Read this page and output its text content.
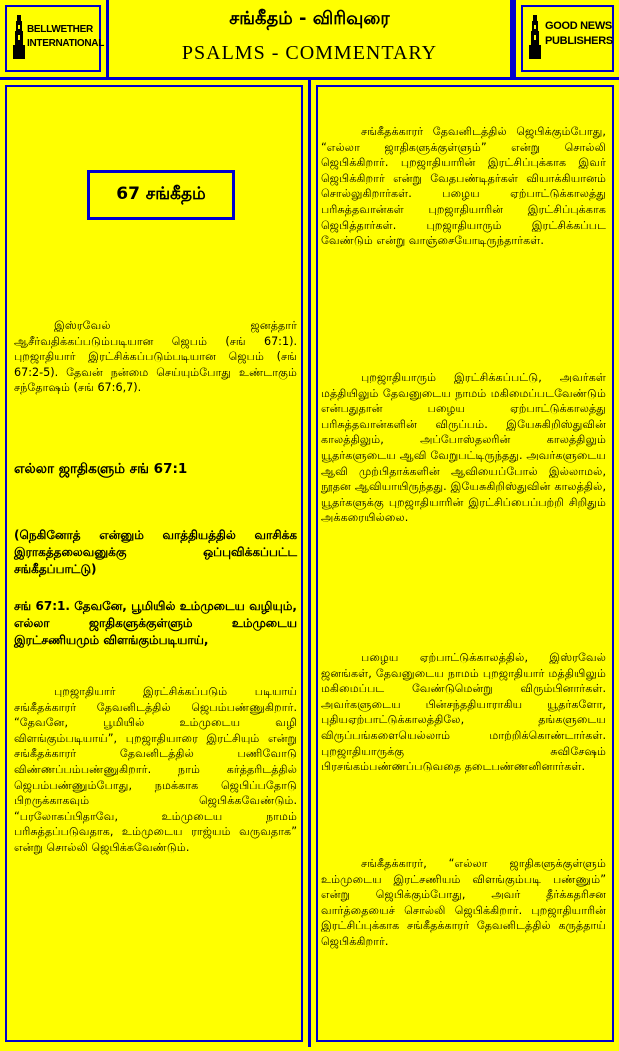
BELLWETHER INTERNATIONAL
சங்கீதம் - விரிவுரை
PSALMS - COMMENTARY
GOOD NEWS PUBLISHERS
67 சங்கீதம்

இஸ்ரவேல் ஜனத்தார் ஆசீர்வதிக்கப்படும்படியான ஜெபம் (சங் 67:1). புறஜாதியார் இரட்சிக்கப்படும்படியான ஜெபம் (சங் 67:2-5). தேவன் நன்மை செய்யும்போது உண்டாகும் சந்தோஷம் (சங் 67:6,7).

எல்லா ஜாதிகளும் சங் 67:1

(நெகினோத் என்னும் வாத்தியத்தில் வாசிக்க இராகத்தலைவனுக்கு ஒப்புவிக்கப்பட்ட சங்கீதப்பாட்டு)

சங் 67:1. தேவனே, பூமியில் உம்முடைய வழியும், எல்லா ஜாதிகளுக்குள்ளும் உம்முடைய இரட்சணியமும் விளங்கும்படியாய்,

புறஜாதியார் இரட்சிக்கப்படும் படியாய் சங்கீதக்காரர் தேவனிடத்தில் ஜெபம்பண்ணுகிறார். “தேவனே, பூமியில் உம்முடைய வழி விளங்கும்படியாய்”, புறஜாதியாரை இரட்சியும் என்று சங்கீதக்காரர் தேவனிடத்தில் பணிவோடு விண்ணப்பம்பண்ணுகிறார். நாம் கர்த்தரிடத்தில் ஜெபம்பண்ணும்போது, நமக்காக ஜெபிப்பதோடு பிறருக்காகவும் ஜெபிக்கவேண்டும். “பரலோகப்பிதாவே, உம்முடைய நாமம் பரிசுத்தப்படுவதாக, உம்முடைய ராஜ்யம் வருவதாக” என்று சொல்லி ஜெபிக்கவேண்டும்.

சங்கீதக்காரர் தேவனிடத்தில் ஜெபிக்கும்போது, “எல்லா ஜாதிகளுக்குள்ளும்” என்று சொல்லி ஜெபிக்கிறார். புறஜாதியாரின் இரட்சிப்புக்காக இவர் ஜெபிக்கிறார் என்று வேதபண்டிதர்கள் வியாக்கியானம் சொல்லுகிறார்கள். பழைய ஏற்பாட்டுக்காலத்து பரிசுத்தவான்கள் புறஜாதியாரின் இரட்சிப்புக்காக ஜெபித்தார்கள். புறஜாதியாரும் இரட்சிக்கப்பட வேண்டும் என்று வாஞ்சையோடிருந்தார்கள்.

புறஜாதியாரும் இரட்சிக்கப்பட்டு, அவர்கள் மத்தியிலும் தேவனுடைய நாமம் மகிமைப்படவேண்டும் என்பதுதான் பழைய ஏற்பாட்டுக்காலத்து பரிசுத்தவான்களின் விருப்பம். இயேசுகிறிஸ்துவின் காலத்திலும், அப்போஸ்தலரின் காலத்திலும் யூதர்களுடைய ஆவி வேறுபட்டிருந்தது. அவர்களுடைய ஆவி முற்பிதாக்களின் ஆவியைப்போல் இல்லாமல், நூதன ஆவியாயிருந்தது. இயேசுகிறிஸ்துவின் காலத்தில், யூதர்களுக்கு புறஜாதியாரின் இரட்சிப்பைப்பற்றி சிறிதும் அக்கரையில்லை.

பழைய ஏற்பாட்டுக்காலத்தில், இஸ்ரவேல் ஜனங்கள், தேவனுடைய நாமம் புறஜாதியார் மத்தியிலும் மகிமைப்பட வேண்டுமென்று விரும்பினார்கள். அவர்களுடைய பின்சந்ததியாராகிய யூதர்களோ, புதியஏற்பாட்டுக்காலத்திலே, தங்களுடைய விருப்பங்களையெல்லாம் மாற்றிக்கொண்டார்கள். புறஜாதியாருக்கு சுவிசேஷம் பிரசங்கம்பண்ணப்படுவதை தடைபண்ணனினார்கள்.

சங்கீதக்காரர், “எல்லா ஜாதிகளுக்குள்ளும் உம்முடைய இரட்சணியம் விளங்கும்படி பண்ணும்” என்று ஜெபிக்கும்போது, அவர் தீர்க்கதரிசன வார்த்தையைச் சொல்லி ஜெபிக்கிறார். புறஜாதியாரின் இரட்சிப்புக்காக சங்கீதக்காரர் தேவனிடத்தில் கருத்தாய் ஜெபிக்கிறார்.
